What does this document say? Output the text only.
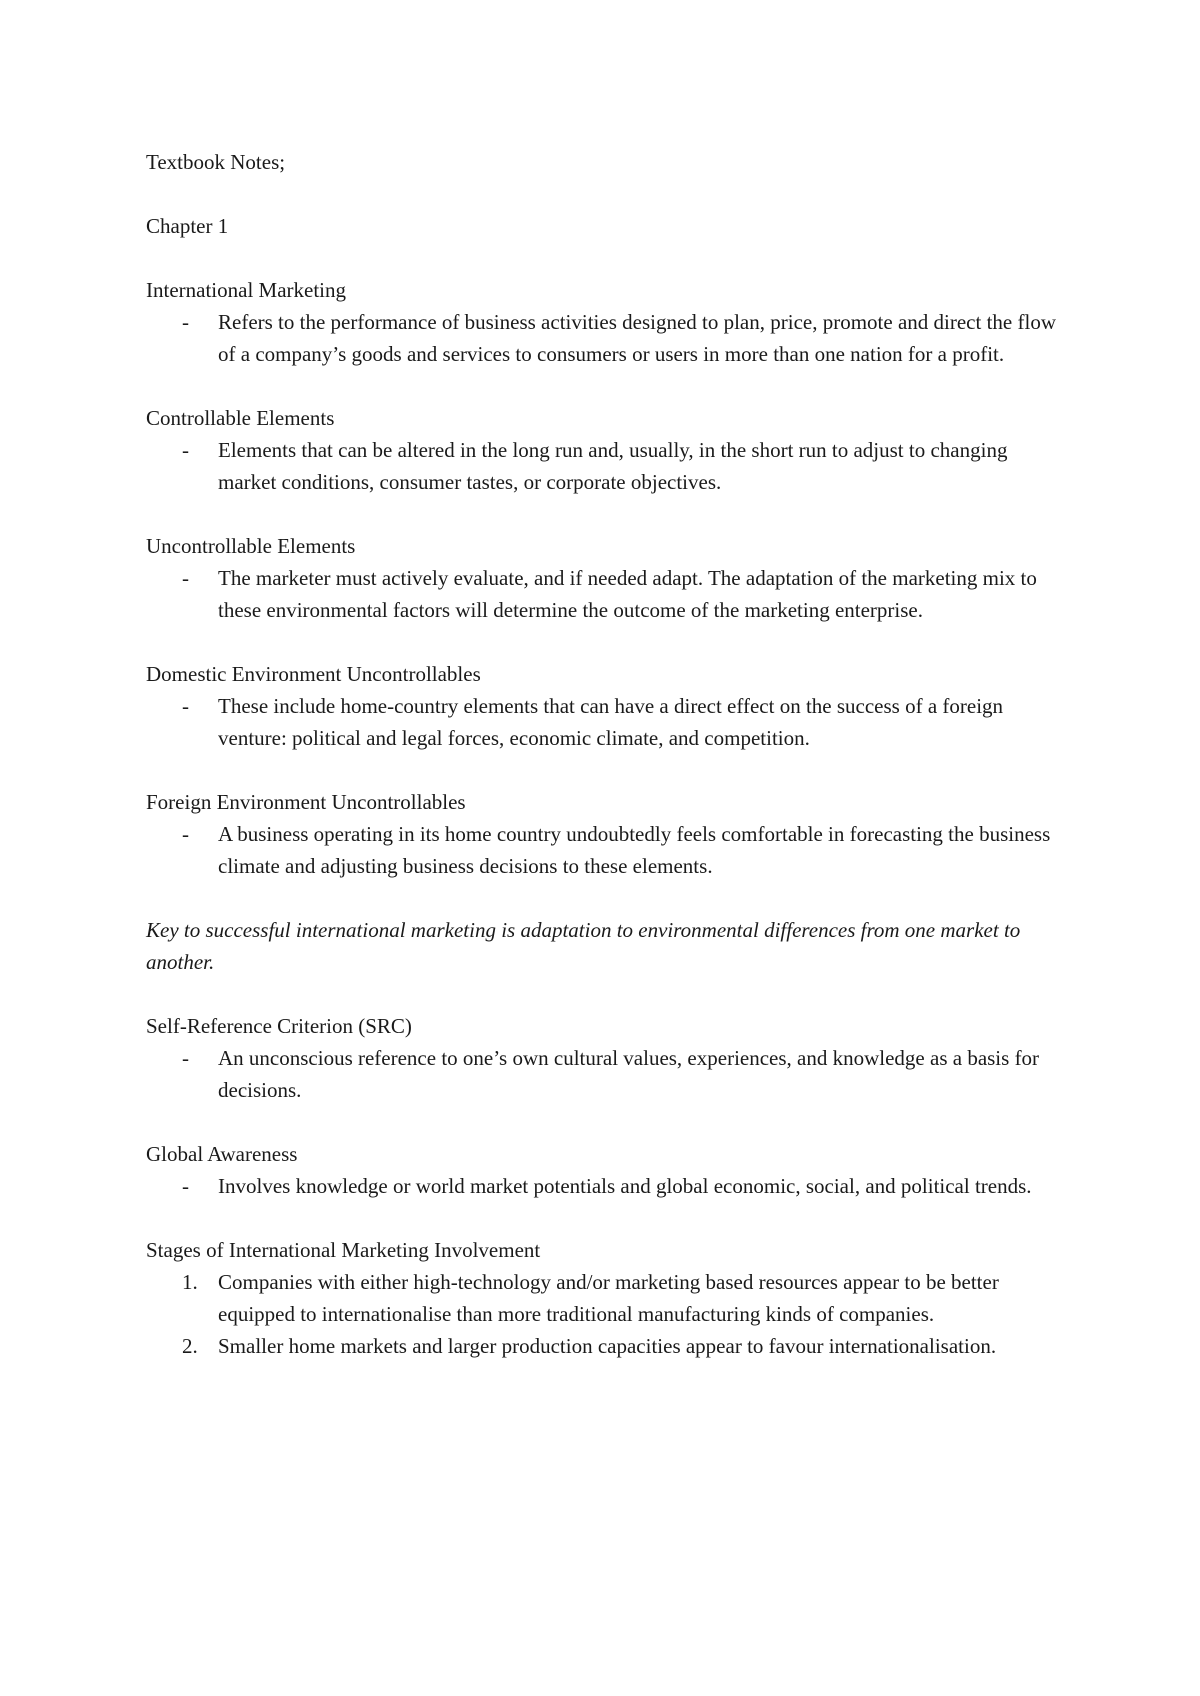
Textbook Notes;

Chapter 1

International Marketing

-	Refers to the performance of business activities designed to plan, price, promote and direct the flow of a company’s goods and services to consumers or users in more than one nation for a profit.

Controllable Elements

-	Elements that can be altered in the long run and, usually, in the short run to adjust to changing market conditions, consumer tastes, or corporate objectives.

Uncontrollable Elements

-	The marketer must actively evaluate, and if needed adapt. The adaptation of the marketing mix to these environmental factors will determine the outcome of the marketing enterprise.

Domestic Environment Uncontrollables

-	These include home-country elements that can have a direct effect on the success of a foreign venture: political and legal forces, economic climate, and competition.

Foreign Environment Uncontrollables

-	A business operating in its home country undoubtedly feels comfortable in forecasting the business climate and adjusting business decisions to these elements.

Key to successful international marketing is adaptation to environmental differences from one market to another.

Self-Reference Criterion (SRC)

-	An unconscious reference to one’s own cultural values, experiences, and knowledge as a basis for decisions.

Global Awareness

-	Involves knowledge or world market potentials and global economic, social, and political trends.

Stages of International Marketing Involvement

1. Companies with either high-technology and/or marketing based resources appear to be better equipped to internationalise than more traditional manufacturing kinds of companies.
2. Smaller home markets and larger production capacities appear to favour internationalisation.
